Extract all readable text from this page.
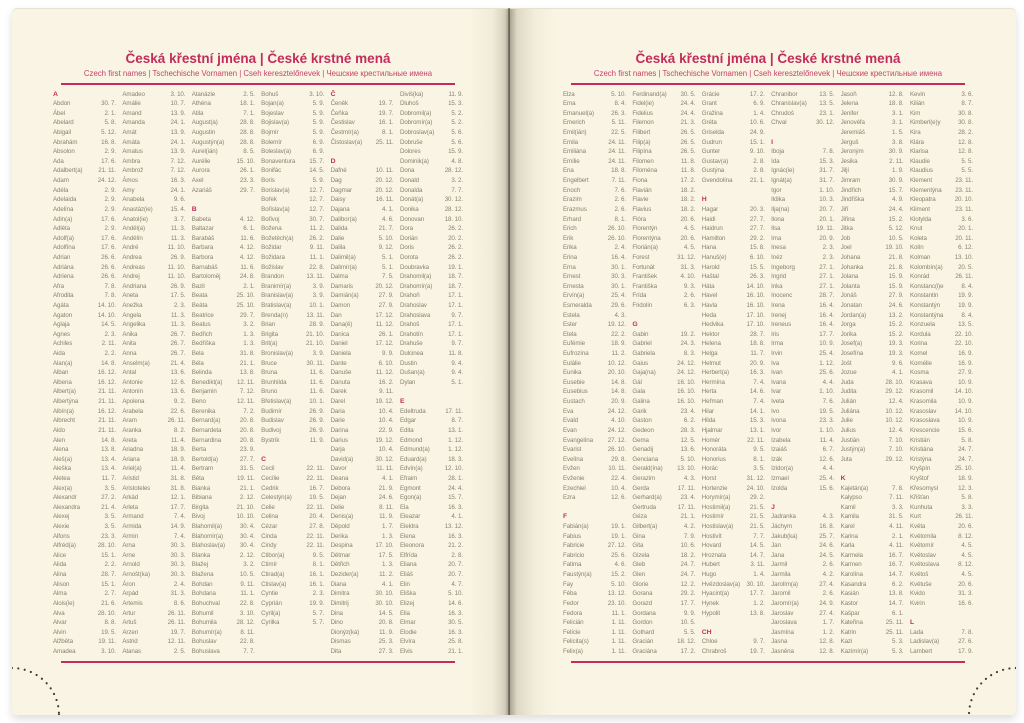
Česká křestní jména | České krstné mená
Czech first names | Tschechische Vornamen | Cseh keresztelőnevek | Чешские крестильные имена
A
Abdon	30. 7.
Ábel	2. 1.
Abelard	5. 8.
Abigail	5. 12.
Abrahám	16. 8.
Absolon	2. 9.
Ada	17. 6.
Adalbert(a)	21. 11.
Adam	24. 12.
Adéla	2. 9.
Adelaida	2. 9.
Adelína	2. 9.
Adin(a)	17. 6.
Adléta	2. 9.
Adolf(a)	17. 6.
Adolfína	17. 6.
Adrian	26. 6.
Adriána	26. 6.
Adriena	26. 6.
Afra	7. 8.
Afrodita	7. 8.
Agáta	14. 10.
Agaton	14. 10.
Aglaja	14. 5.
Agnes	2. 3.
Achiles	2. 11.
Aida	2. 2.
Alan(a)	14. 8.
Alban	16. 12.
Albena	16. 12.
Albert(a)	21. 11.
Albertýna	21. 11.
Albín(a)	16. 12.
Albrecht	21. 11.
Aldo	21. 11.
Alen	14. 8.
Alena	13. 8.
Aleš(a)	13. 4.
Aleška	13. 4.
Aletea	11. 7.
Alex(a)	3. 5.
Alexandr	27. 2.
Alexandra	21. 4.
Alexej	3. 5.
Alexie	3. 5.
Alfons	23. 3.
Alfréd(a)	28. 10.
Alice	15. 1.
Alida	2. 2.
Alina	28. 7.
Alison	15. 1.
Alma	2. 7.
Alois(ie)	21. 6.
Alva	28. 10.
Alvar	8. 8.
Alvin	19. 5.
Alžběta	19. 11.
Amadea	3. 10.
Amadeo	3. 10.
Amálie	10. 7.
Amand	13. 9.
Amanda	24. 1.
Amát	13. 9.
Amáta	24. 1.
Amatus	13. 9.
Ambra	7. 12.
Ambrož	7. 12.
Ámos	16. 3.
Amy	24. 1.
Anabela	9. 6.
Anastáz(ie)	15. 4.
Anatol(ie)	3. 7.
Anděl(a)	11. 3.
Andělín	11. 3.
André	11. 10.
Andrea	26. 9.
Andreas	11. 10.
Andrej	11. 10.
Andriana	26. 9.
Aneta	17. 5.
Anežka	2. 3.
Angela	11. 3.
Angelika	11. 3.
Anika	26. 7.
Anita	26. 7.
Anna	26. 7.
Anselm(a)	21. 4.
Antal	13. 6.
Antonie	12. 6.
Antonín	13. 6.
Apolena	9. 2.
Arabela	22. 6.
Aram	26. 11.
Aranka	8. 2.
Areta	11. 4.
Ariadna	18. 9.
Ariana	18. 9.
Ariel(a)	11. 4.
Aristid	31. 8.
Aristoteles	31. 8.
Arkád	12. 1.
Arleta	17. 7.
Armand	7. 4.
Armida	14. 9.
Armin	7. 4.
Arna	30. 3.
Arne	30. 3.
Arnold	30. 3.
Arnošt(ka)	30. 3.
Áron	2. 4.
Arpád	31. 3.
Artemis	8. 6.
Artur	26. 11.
Artuš	26. 11.
Arzen	19. 7.
Astrid	12. 11.
Atanas	2. 5.
Atanázie	2. 5.
Athéna	18. 1.
Atila	7. 1.
August(a)	28. 8.
Augustin	28. 8.
Augustýn(a)	28. 8.
Aurel(ián)	8. 5.
Aurélie	15. 10.
Aurora	26. 1.
Axel	23. 3.
Azariáš	29. 7.
B
Babeta	4. 12.
Baltazar	6. 1.
Barabáš	11. 6.
Barbara	4. 12.
Barbora	4. 12.
Barnabáš	11. 6.
Bartoloměj	24. 8.
Bazil	2. 1.
Beata	25. 10.
Beáta	25. 10.
Beatrice	29. 7.
Beatus	3. 2.
Bedřich	1. 3.
Bedřiška	1. 3.
Bela	31. 8.
Béla	21. 1.
Belinda	13. 8.
Benedikt(a)	12. 11.
Benjamin	7. 12.
Beno	12. 11.
Berenika	7. 2.
Bernard(a)	20. 8.
Bernardeta	20. 8.
Bernardina	20. 8.
Berta	23. 9.
Bertold(a)	27. 7.
Bertram	31. 5.
Běta	19. 11.
Bianka	21. 1.
Bibiana	2. 12.
Birgita	21. 10.
Bivoj	10. 10.
Blahomil(a)	30. 4.
Blahomír(a)	30. 4.
Blahoslav(a)	30. 4.
Blanka	2. 12.
Blažej	3. 2.
Blažena	10. 5.
Bohdan	9. 11.
Bohdana	11. 1.
Bohuchval	22. 8.
Bohumil	3. 10.
Bohumila	28. 12.
Bohumír(a)	8. 11.
Bohuslav	22. 8.
Bohuslava	7. 7.
Bohuš	3. 10.
Bojan(a)	5. 9.
Bojeslav	5. 9.
Bojislav(a)	5. 9.
Bojmír	5. 9.
Bolemír	6. 9.
Boleslav(a)	6. 9.
Bonaventura	15. 7.
Bonifác	14. 5.
Boris	5. 9.
Borislav(a)	12. 7.
Bořek	12. 7.
Bořislav(a)	12. 7.
Bořivoj	30. 7.
Božena	11. 2.
Božetěch(a)	26. 2.
Božidar	9. 11.
Božidara	11. 1.
Božislav	22. 8.
Brandon	13. 11.
Branimír(a)	3. 9.
Branislav(a)	3. 9.
Bratislav(a)	10. 1.
Brenda(n)	13. 11.
Brian	28. 9.
Brigita	21. 10.
Brit(a)	21. 10.
Bronislav(a)	3. 9.
Bruce	30. 11.
Bruna	11. 6.
Brunhilda	11. 6.
Bruno	11. 6.
Břetislav(a)	10. 1.
Budimír	26. 9.
Budislav	26. 9.
Budivoj	26. 9.
Bystrík	11. 9.
C
Cecil	22. 11.
Cecílie	22. 11.
Cedrik	16. 7.
Celestýn(a)	19. 5.
Celie	22. 11.
Celina	20. 4.
Cézar	27. 8.
Cinda	22. 11.
Cindy	22. 11.
Ctibor(a)	9. 5.
Ctimír	8. 1.
Ctirad(a)	16. 1.
Ctislav(a)	16. 1.
Cyntie	2. 3.
Cyprián	19. 9.
Cyril(a)	5. 7.
Cyrilka	5. 7.
Č
Čeněk	19. 7.
Čeňka	19. 7.
Čestislav	16. 1.
Čestmír(a)	8. 1.
Čistoslav(a)	25. 11.
D
Dafné	10. 11.
Dag	20. 12.
Dagmar	20. 12.
Daisy	16. 11.
Dajana	4. 1.
Dalibor(a)	4. 6.
Dalida	21. 7.
Dalie	5. 10.
Dalila	9. 12.
Dalimil(a)	5. 1.
Dalimír(a)	5. 1.
Dalma	7. 5.
Damaris	20. 12.
Damián(a)	27. 9.
Damon	27. 9.
Dan	17. 12.
Dana(ě)	11. 12.
Danica	26. 1.
Daniel	17. 12.
Daniela	9. 9.
Dante	6. 10.
Danuše	11. 12.
Danuta	16. 2.
Darek	9. 11.
Darel	19. 12.
Daria	10. 4.
Darie	10. 4.
Darina	22. 9.
Darius	19. 12.
Darja	10. 4.
David(a)	30. 12.
Davor	11. 11.
Deana	4. 1.
Debora	21. 9.
Dejan	24. 6.
Delie	8. 11.
Denis(a)	11. 9.
Děpold	1. 7.
Derika	1. 3.
Despina	17. 10.
Dětmar	17. 5.
Dětřich	1. 3.
Dezider(a)	11. 2.
Diana	4. 1.
Dimitra	30. 10.
Dimitrij	30. 10.
Dina	14. 5.
Dino	20. 8.
Dionýz(ka)	11. 9.
Dismas	25. 3.
Dita	27. 3.
Diviš(ka)	11. 9.
Dluhoš	15. 3.
Dobromil(a)	5. 2.
Dobromír(a)	5. 2.
Dobroslav(a)	5. 6.
Dobruše	5. 6.
Dolores	15. 9.
Dominik(a)	4. 8.
Dona	28. 12.
Donald	3. 2.
Donalda	7. 7.
Donát(a)	30. 12.
Donika	28. 12.
Donovan	18. 10.
Dora	26. 2.
Dorián	20. 2.
Doris	26. 2.
Dorota	26. 2.
Doubravka	19. 1.
Drahomil(a)	18. 7.
Drahomír(a)	18. 7.
Drahoň	17. 1.
Drahoslav	17. 1.
Drahoslava	9. 7.
Drahoš	17. 1.
Drahotín	17. 1.
Drahuše	9. 7.
Dulcinea	11. 8.
Dustin	9. 4.
Dušan(a)	9. 4.
Dylan	5. 1.
E
Edeltruda	17. 11.
Edgar	8. 7.
Edita	13. 1.
Edmond	1. 12.
Edmund(a)	1. 12.
Eduard(a)	18. 3.
Edvín(a)	12. 10.
Efraim	28. 1.
Egmont	24. 4.
Egon(a)	15. 7.
Ela	16. 3.
Eleazar	4. 1.
Elektra	13. 12.
Elena	16. 3.
Eleonora	21. 2.
Elfrída	2. 8.
Eliana	20. 7.
Eliáš	20. 7.
Elin	4. 7.
Eliška	5. 10.
Elizej	14. 6.
Ella	16. 3.
Elmar	30. 5.
Elodie	16. 3.
Elvíra	25. 8.
Elvis	21. 1.
Česká křestní jména | České krstné mená
Czech first names | Tschechische Vornamen | Cseh keresztelőnevek | Чешские крестильные имена
Elza	5. 10.
Ema	8. 4.
Emanuel(a)	26. 3.
Emerich	5. 11.
Emil(ián)	22. 5.
Emila	24. 11.
Emiliána	24. 11.
Emílie	24. 11.
Ena	18. 8.
Engelbert	7. 11.
Enoch	7. 6.
Erazim	2. 6.
Erazmus	2. 6.
Erhard	8. 1.
Erich	26. 10.
Erik	26. 10.
Erika	2. 4.
Erina	16. 4.
Erna	30. 1.
Ernest	30. 3.
Ernesta	30. 1.
Ervín(a)	25. 4.
Esmeralda	29. 6.
Estela	4. 3.
Ester	19. 12.
Etela	22. 2.
Eufémie	18. 9.
Eufrozína	11. 2.
Eulálie	10. 12.
Eunika	20. 10.
Eusebie	14. 8.
Eusebius	14. 8.
Eustach	20. 9.
Eva	24. 12.
Evald	4. 10.
Evan	24. 12.
Evangelína	27. 12.
Evarist	26. 10.
Evelína	29. 8.
Evžen	10. 11.
Evženie	22. 4.
Ezechiel	10. 4.
Ezra	12. 6.
F
Fabián(a)	19. 1.
Fabius	19. 1.
Fabricie	27. 12.
Fabricio	25. 6.
Fatima	4. 6.
Faustýn(a)	15. 2.
Fay	5. 10.
Féba	13. 12.
Fedor	23. 10.
Fedora	11. 1.
Felicián	1. 11.
Felície	1. 11.
Felicita(s)	1. 11.
Felix(a)	1. 11.
Ferdinand(a)	30. 5.
Fidel(ie)	24. 4.
Fidelius	24. 4.
Filemon	21. 3.
Filibert	26. 5.
Filip(a)	26. 5.
Filipína	26. 5.
Filomen	11. 8.
Filoména	11. 8.
Fiona	17. 2.
Flavián	18. 2.
Flavie	18. 2.
Flavius	18. 2.
Flóra	20. 6.
Florentýn	4. 5.
Florentýna	20. 6.
Florián(a)	4. 5.
Forest	31. 12.
Fortunát	31. 3.
František	4. 10.
Františka	9. 3.
Frída	2. 6.
Fridolín	6. 3.
G
Gabin	19. 2.
Gabriel	24. 3.
Gabriela	8. 3.
Gaius	24. 12.
Gaja(na)	24. 12.
Gál	16. 10.
Gala	16. 10.
Galina	16. 10.
Garik	23. 4.
Gaston	6. 2.
Gedeon	28. 3.
Gema	12. 5.
Genadij	13. 6.
Genciana	5. 10.
Gerald(ína)	13. 10.
Gerazim	4. 3.
Gerda	17. 11.
Gerhard(a)	23. 4.
Gertruda	17. 11.
Géza	21. 1.
Gilbert(a)	4. 2.
Gina	7. 9.
Gita	10. 6.
Gizela	18. 2.
Gleb	24. 7.
Glen	24. 7.
Glorie	12. 2.
Gorana	29. 2.
Gorazd	17. 7.
Gordana	9. 9.
Gordon	10. 5.
Gothard	5. 5.
Gracián	18. 12.
Graciána	17. 2.
Grácie	17. 2.
Grant	6. 9.
Gražina	1. 4.
Gréta	10. 6.
Griselda	24. 9.
Gudrun	15. 1.
Gunter	9. 10.
Gustav(a)	2. 8.
Gustýna	2. 8.
Gvendolína	21. 1.
H
Hagar	20. 3.
Haidi	27. 7.
Haidrun	27. 7.
Hamilton	29. 2.
Hana	15. 8.
Hanuš(e)	6. 10.
Harold	15. 5.
Haštal	26. 3.
Háta	14. 10.
Havel	16. 10.
Havla	16. 10.
Heda	17. 10.
Hedvika	17. 10.
Hektor	28. 7.
Helena	18. 8.
Helga	11. 7.
Helmut	20. 9.
Herbert(a)	16. 3.
Hermína	7. 4.
Herta	14. 6.
Heřman	7. 4.
Hilar	14. 1.
Hilda	15. 3.
Hjalmar	13. 1.
Homér	22. 11.
Honoráta	9. 5.
Honorius	8. 1.
Horác	3. 5.
Horst	31. 12.
Hortenzie	24. 10.
Horymír(a)	29. 2.
Hostimil(a)	21. 5.
Hostimír	21. 5.
Hostislav(a)	21. 5.
Hostivít	7. 7.
Hovard	14. 5.
Hroznata	14. 7.
Hubert	3. 11.
Hugo	1. 4.
Hvězdoslav(a)	30. 10.
Hyacint(a)	17. 7.
Hynek	1. 2.
Hypolit	13. 8.
CH
Chloe	9. 7.
Chrabroš	19. 7.
Chranibor	13. 5.
Chranislav(a)	13. 5.
Chrudoš	23. 1.
Chval	30. 12.
I
Iboja	7. 8.
Ida	15. 3.
Ignác(ie)	31. 7.
Ignát(a)	31. 7.
Igor	1. 10.
Ildika	10. 3.
Ilja(na)	20. 7.
Ilona	20. 1.
Ilsa	19. 11.
Ima	20. 9.
Inesa	2. 3.
Inéz	2. 3.
Ingeborg	27. 1.
Ingrid	27. 1.
Inka	27. 1.
Inocenc	28. 7.
Irena	16. 4.
Irenej	16. 4.
Ireneus	16. 4.
Iris	17. 7.
Irma	10. 9.
Irvin	25. 4.
Iva	1. 12.
Ivan	25. 6.
Ivana	4. 4.
Ivar	1. 10.
Iveta	7. 6.
Ivo	19. 5.
Ivona	23. 3.
Ivor	1. 10.
Izabela	11. 4.
Izaiáš	6. 7.
Izák	12. 6.
Izidor(a)	4. 4.
Izmael	25. 4.
Izolda	15. 6.
J
Jadranka	4. 3.
Jáchym	16. 8.
Jakub(ka)	25. 7.
Jan	24. 6.
Jana	24. 5.
Jarmil	2. 6.
Jarmila	4. 2.
Jarolím(a)	27. 4.
Jaromil	2. 6.
Jaromír(a)	24. 9.
Jaroslav	27. 4.
Jaroslava	1. 7.
Jasmína	1. 2.
Jasna	12. 8.
Jasněna	12. 8.
Jasoň	12. 8.
Jelena	18. 8.
Jenifer	3. 1.
Jenovéfa	3. 1.
Jeremiáš	1. 5.
Jerguš	3. 8.
Jeroným	30. 9.
Jesika	2. 11.
Jiljí	1. 9.
Jimram	30. 9.
Jindřich	15. 7.
Jindřiška	4. 9.
Jiří	24. 4.
Jiřina	15. 2.
Jitka	5. 12.
Job	10. 5.
Joel	19. 10.
Johana	21. 8.
Johanka	21. 8.
Jolana	15. 9.
Jolanta	15. 9.
Jonáš	27. 9.
Jonatan	24. 6.
Jordan(a)	13. 2.
Jorga	15. 2.
Jorika	15. 2.
Josef(a)	19. 3.
Josefína	19. 3.
Jošt	9. 6.
Jozue	4. 1.
Juda	28. 10.
Judita	29. 12.
Julián	12. 4.
Juliána	10. 12.
Julie	10. 12.
Julius	12. 4.
Justián	7. 10.
Justýn(a)	7. 10.
Juta	29. 12.
K
Kajetán(a)	7. 8.
Kalypso	7. 11.
Kamil	3. 3.
Kamila	31. 5.
Karel	4. 11.
Karina	2. 1.
Karla	4. 11.
Karmela	16. 7.
Karmen	16. 7.
Karolína	14. 7.
Kasandra	6. 2.
Kasián	13. 8.
Kastor	14. 7.
Kašpar	6. 1.
Kateřina	25. 11.
Katrin	25. 11.
Kazi	5. 3.
Kazimír(a)	5. 3.
Kevin	3. 6.
Kilián	8. 7.
Kim	30. 8.
Kimberl(e)y	30. 8.
Kira	28. 2.
Klára	12. 8.
Klarisa	12. 8.
Klaudie	5. 5.
Klaudius	5. 5.
Klement	23. 11.
Klementýna	23. 11.
Kleopatra	20. 10.
Kliment	23. 11.
Klotylda	3. 6.
Knut	20. 1.
Koleta	20. 11.
Kolín	6. 12.
Kolman	13. 10.
Kolombín(a)	20. 5.
Konrád	26. 11.
Konstanc(i)e	8. 4.
Konstantin	19. 9.
Konstantýn	19. 9.
Konstantýna	8. 4.
Konzuela	13. 5.
Kordula	22. 10.
Korina	22. 10.
Kornel	16. 9.
Kornélie	16. 9.
Kosma	27. 9.
Krasava	10. 9.
Krasomil	14. 10.
Krasomila	10. 9.
Krasoslav	14. 10.
Krasoslava	10. 9.
Krescencie	15. 6.
Kristián	5. 8.
Kristiána	24. 7.
Kristýna	24. 7.
Kryšpín	25. 10.
Kryštof	18. 9.
Křesomysl	12. 3.
Křišťan	5. 8.
Kunhuta	3. 3.
Kurt	26. 11.
Květa	20. 6.
Květomila	8. 12.
Květomír	4. 5.
Květoslav	4. 5.
Květoslava	8. 12.
Květoš	4. 5.
Květuše	20. 6.
Kvido	31. 3.
Kvirin	16. 6.
L
Lada	7. 8.
Ladislav(a)	27. 6.
Lambert	17. 9.
